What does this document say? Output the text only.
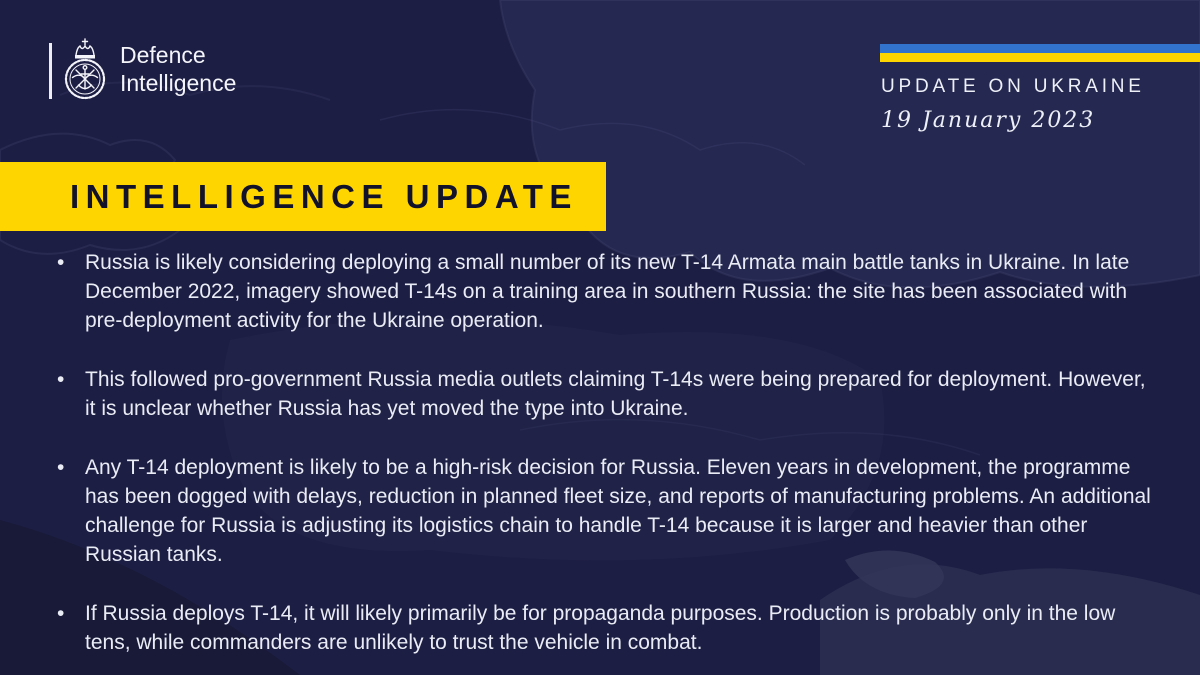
Defence
Intelligence	UPDATE ON UKRAINE
19 January 2023
INTELLIGENCE UPDATE
• Russia is likely considering deploying a small number of its new T-14 Armata main battle tanks in Ukraine. In late December 2022, imagery showed T-14s on a training area in southern Russia: the site has been associated with pre-deployment activity for the Ukraine operation.
• This followed pro-government Russia media outlets claiming T-14s were being prepared for deployment. However, it is unclear whether Russia has yet moved the type into Ukraine.
• Any T-14 deployment is likely to be a high-risk decision for Russia. Eleven years in development, the programme has been dogged with delays, reduction in planned fleet size, and reports of manufacturing problems. An additional challenge for Russia is adjusting its logistics chain to handle T-14 because it is larger and heavier than other Russian tanks.
• If Russia deploys T-14, it will likely primarily be for propaganda purposes. Production is probably only in the low tens, while commanders are unlikely to trust the vehicle in combat.
